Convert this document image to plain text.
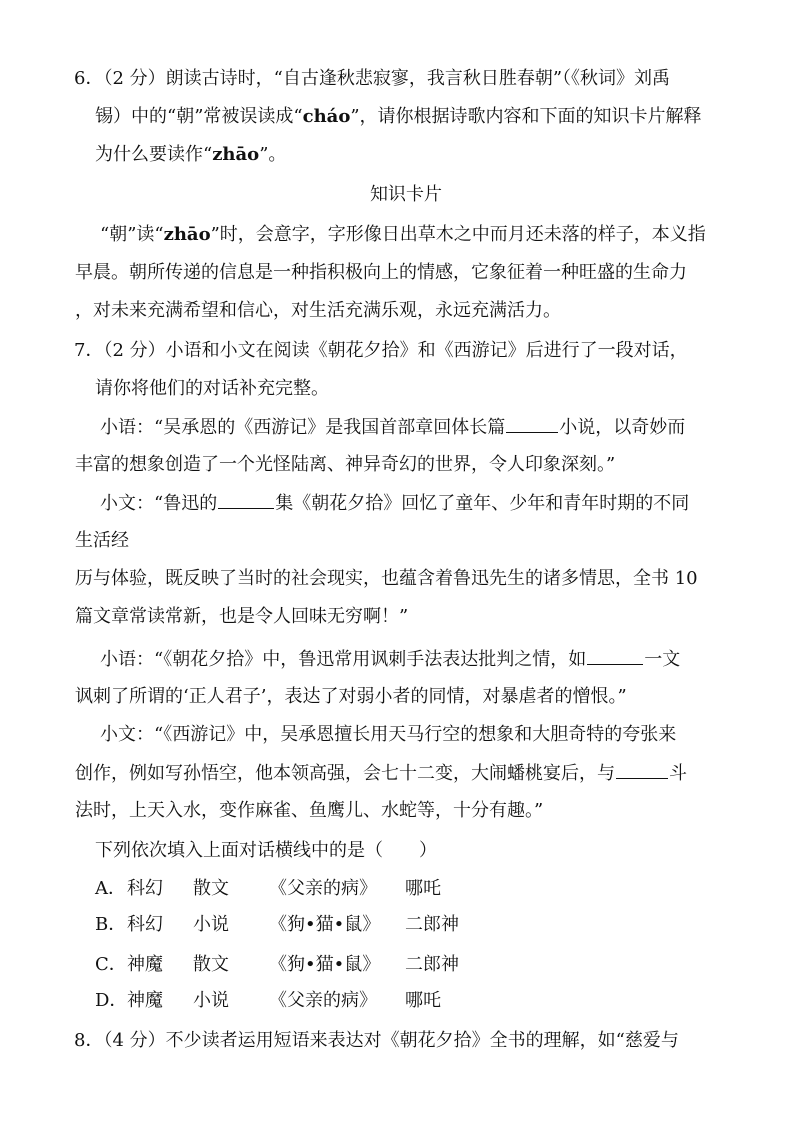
6．（2 分）朗读古诗时，“自古逢秋悲寂寥，我言秋日胜春朝”（《秋词》刘禹
锡）中的“朝”常被误读成“cháo”，请你根据诗歌内容和下面的知识卡片解释
为什么要读作“zhāo”。
知识卡片
“朝”读“zhāo”时，会意字，字形像日出草木之中而月还未落的样子，本义指
早晨。朝所传递的信息是一种指积极向上的情感，它象征着一种旺盛的生命力
，对未来充满希望和信心，对生活充满乐观，永远充满活力。
7．（2 分）小语和小文在阅读《朝花夕拾》和《西游记》后进行了一段对话，
请你将他们的对话补充完整。
小语：“吴承恩的《西游记》是我国首部章回体长篇	小说，以奇妙而
丰富的想象创造了一个光怪陆离、神异奇幻的世界，令人印象深刻。”
小文：“鲁迅的	集《朝花夕拾》回忆了童年、少年和青年时期的不同
生活经
历与体验，既反映了当时的社会现实，也蕴含着鲁迅先生的诸多情思，全书 10
篇文章常读常新，也是令人回味无穷啊！”
小语：“《朝花夕拾》中，鲁迅常用讽刺手法表达批判之情，如	一文
讽刺了所谓的‘正人君子’，表达了对弱小者的同情，对暴虐者的憎恨。”
小文：“《西游记》中，吴承恩擅长用天马行空的想象和大胆奇特的夸张来
创作，例如写孙悟空，他本领高强，会七十二变，大闹蟠桃宴后，与	斗
法时，上天入水，变作麻雀、鱼鹰儿、水蛇等，十分有趣。”
下列依次填入上面对话横线中的是（　　）
A．科幻 散文 《父亲的病》 哪吒
B．科幻 小说 《狗•猫•鼠》 二郎神
C．神魔 散文 《狗•猫•鼠》 二郎神
D．神魔 小说 《父亲的病》 哪吒
8．（4 分）不少读者运用短语来表达对《朝花夕拾》全书的理解，如“慈爱与
